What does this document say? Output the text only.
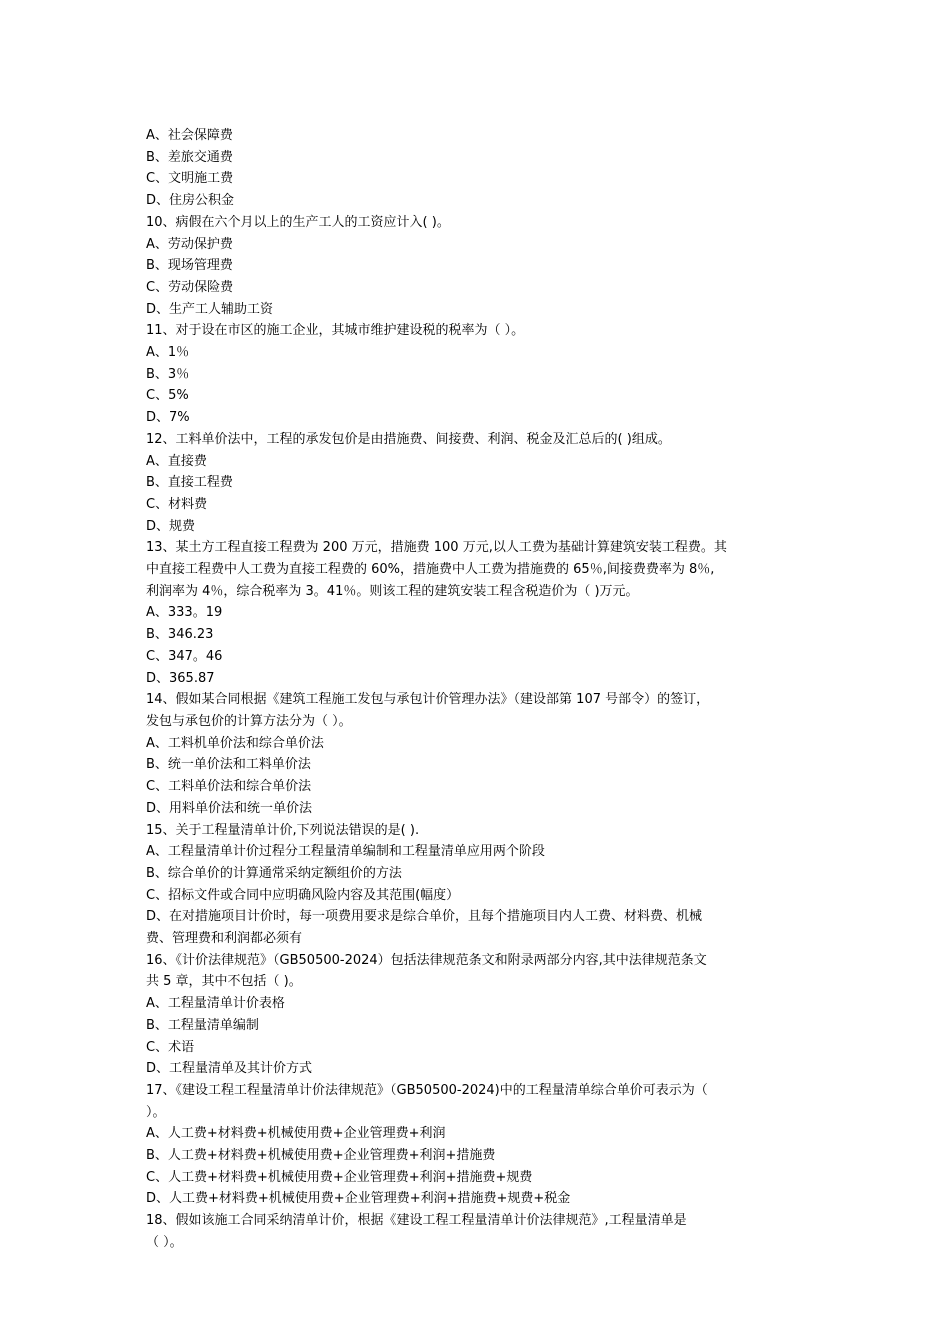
A、社会保障费
B、差旅交通费
C、文明施工费
D、住房公积金
10、病假在六个月以上的生产工人的工资应计入( )。
A、劳动保护费
B、现场管理费
C、劳动保险费
D、生产工人辅助工资
11、对于设在市区的施工企业，其城市维护建设税的税率为（ ）。
A、1％
B、3％
C、5%
D、7%
12、工料单价法中，工程的承发包价是由措施费、间接费、利润、税金及汇总后的( )组成。
A、直接费
B、直接工程费
C、材料费
D、规费
13、某土方工程直接工程费为 200 万元，措施费 100 万元,以人工费为基础计算建筑安装工程费。其
中直接工程费中人工费为直接工程费的 60%，措施费中人工费为措施费的 65％,间接费费率为 8％,
利润率为 4％，综合税率为 3。41％。则该工程的建筑安装工程含税造价为（ )万元。
A、333。19
B、346.23
C、347。46
D、365.87
14、假如某合同根据《建筑工程施工发包与承包计价管理办法》（建设部第 107 号部令）的签订，
发包与承包价的计算方法分为（ ）。
A、工料机单价法和综合单价法
B、统一单价法和工料单价法
C、工料单价法和综合单价法
D、用料单价法和统一单价法
15、关于工程量清单计价,下列说法错误的是( ).
A、工程量清单计价过程分工程量清单编制和工程量清单应用两个阶段
B、综合单价的计算通常采纳定额组价的方法
C、招标文件或合同中应明确风险内容及其范围(幅度）
D、在对措施项目计价时，每一项费用要求是综合单价，且每个措施项目内人工费、材料费、机械
费、管理费和利润都必须有
16、《计价法律规范》（GB50500-2024）包括法律规范条文和附录两部分内容,其中法律规范条文
共 5 章，其中不包括（ )。
A、工程量清单计价表格
B、工程量清单编制
C、术语
D、工程量清单及其计价方式
17、《建设工程工程量清单计价法律规范》（GB50500-2024)中的工程量清单综合单价可表示为（
）。
A、人工费+材料费+机械使用费+企业管理费+利润
B、人工费+材料费+机械使用费+企业管理费+利润+措施费
C、人工费+材料费+机械使用费+企业管理费+利润+措施费+规费
D、人工费+材料费+机械使用费+企业管理费+利润+措施费+规费+税金
18、假如该施工合同采纳清单计价，根据《建设工程工程量清单计价法律规范》,工程量清单是
（ ）。
